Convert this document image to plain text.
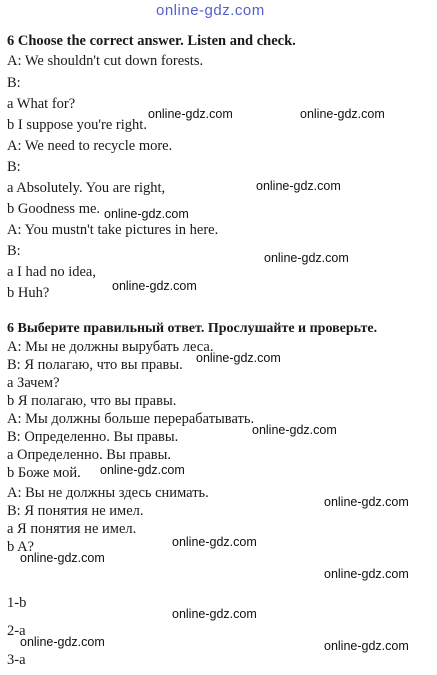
online-gdz.com
6 Choose the correct answer. Listen and check.
A: We shouldn't cut down forests.
B:
a What for?
b I suppose you're right.
A: We need to recycle more.
B:
a Absolutely. You are right,
b Goodness me.
A: You mustn't take pictures in here.
B:
a I had no idea,
b Huh?
6 Выберите правильный ответ. Прослушайте и проверьте.
A: Мы не должны вырубать леса.
B: Я полагаю, что вы правы.
a Зачем?
b Я полагаю, что вы правы.
A: Мы должны больше перерабатывать.
B: Определенно. Вы правы.
a Определенно. Вы правы.
b Боже мой.
A: Вы не должны здесь снимать.
B: Я понятия не имел.
a Я понятия не имел.
b A?
1-b
2-a
3-a
online-gdz.com	online-gdz.com
online-gdz.com
online-gdz.com
online-gdz.com
online-gdz.com
online-gdz.com
online-gdz.com
online-gdz.com
online-gdz.com
online-gdz.com
online-gdz.com
online-gdz.com
online-gdz.com
online-gdz.com	online-gdz.com
